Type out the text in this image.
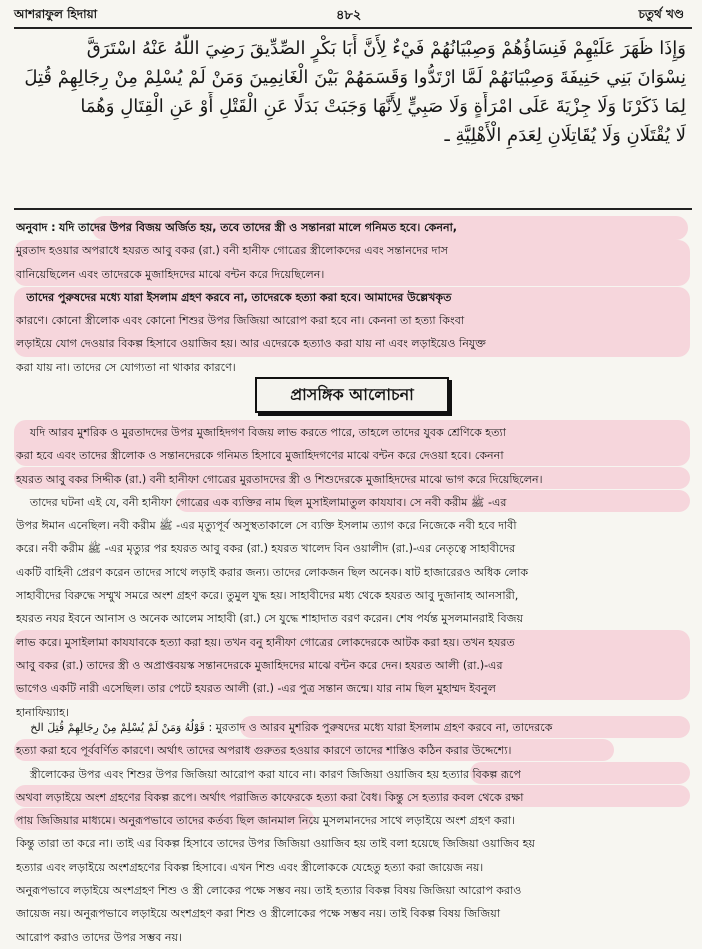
আশরাফুল হিদায়া	৪৮২	চতুর্থ খণ্ড
وَإِذَا ظَهَرَ عَلَيْهِمْ فَنِسَاؤُهُمْ وَصِبْيَانُهُمْ فَيْءٌ لِأَنَّ أَبَا بَكْرٍ الصِّدِّيقَ رَضِيَ اللّٰهُ عَنْهُ اسْتَرَقَّ
نِسْوَانَ بَنِي حَنِيفَةَ وَصِبْيَانَهُمْ لَمَّا ارْتَدُّوا وَقَسَمَهُمْ بَيْنَ الْغَانِمِينَ وَمَنْ لَمْ يُسْلِمْ مِنْ رِجَالِهِمْ قُتِلَ
لِمَا ذَكَرْنَا وَلَا جِزْيَةَ عَلَى امْرَأَةٍ وَلَا صَبِيٍّ لِأَنَّهَا وَجَبَتْ بَدَلًا عَنِ الْقَتْلِ أَوْ عَنِ الْقِتَالِ وَهُمَا
لَا يُقْتَلَانِ وَلَا يُقَاتِلَانِ لِعَدَمِ الْأَهْلِيَّةِ ـ
অনুবাদ : যদি তাদের উপর বিজয় অর্জিত হয়, তবে তাদের স্ত্রী ও সন্তানরা মালে গনিমত হবে। কেননা,
মুরতাদ হওয়ার অপরাধে হযরত আবু বকর (রা.) বনী হানীফ গোত্রের স্ত্রীলোকদের এবং সন্তানদের দাস
বানিয়েছিলেন এবং তাদেরকে মুজাহিদদের মাঝে বন্টন করে দিয়েছিলেন।
তাদের পুরুষদের মধ্যে যারা ইসলাম গ্রহণ করবে না, তাদেরকে হত্যা করা হবে। আমাদের উল্লেখকৃত
কারণে। কোনো স্ত্রীলোক এবং কোনো শিশুর উপর জিজিয়া আরোপ করা হবে না। কেননা তা হত্যা কিংবা
লড়াইয়ে যোগ দেওয়ার বিকল্প হিসাবে ওয়াজিব হয়। আর এদেরকে হত্যাও করা যায় না এবং লড়াইয়েও নিযুক্ত
করা যায় না। তাদের সে যোগ্যতা না থাকার কারণে।
প্রাসঙ্গিক আলোচনা
যদি আরব মুশরিক ও মুরতাদদের উপর মুজাহিদগণ বিজয় লাভ করতে পারে, তাহলে তাদের যুবক শ্রেণিকে হত্যা
করা হবে এবং তাদের স্ত্রীলোক ও সন্তানদেরকে গনিমত হিসাবে মুজাহিদগণের মাঝে বন্টন করে দেওয়া হবে। কেননা
হযরত আবু বকর সিদ্দীক (রা.) বনী হানীফা গোত্রের মুরতাদদের স্ত্রী ও শিশুদেরকে মুজাহিদদের মাঝে ভাগ করে দিয়েছিলেন।
তাদের ঘটনা এই যে, বনী হানীফা গোত্রের এক ব্যক্তির নাম ছিল মুসাইলামাতুল কাযযাব। সে নবী করীম ﷺ -এর
উপর ঈমান এনেছিল। নবী করীম ﷺ -এর মৃত্যুপূর্ব অসুস্থতাকালে সে ব্যক্তি ইসলাম ত্যাগ করে নিজেকে নবী হবে দাবী
করে। নবী করীম ﷺ -এর মৃত্যুর পর হযরত আবু বকর (রা.) হযরত খালেদ বিন ওয়ালীদ (রা.)-এর নেতৃত্বে সাহাবীদের
একটি বাহিনী প্রেরণ করেন তাদের সাথে লড়াই করার জন্য। তাদের লোকজন ছিল অনেক। ষাট হাজারেরও অধিক লোক
সাহাবীদের বিরুদ্ধে সম্মুখ সমরে অংশ গ্রহণ করে। তুমুল যুদ্ধ হয়। সাহাবীদের মধ্য থেকে হযরত আবু দুজানাহ আনসারী,
হযরত নযর ইবনে আনাস ও অনেক আলেম সাহাবী (রা.) সে যুদ্ধে শাহাদাত বরণ করেন। শেষ পর্যন্ত মুসলমানরাই বিজয়
লাভ করে। মুসাইলামা কাযযাবকে হত্যা করা হয়। তখন বনু হানীফা গোত্রের লোকদেরকে আটক করা হয়। তখন হযরত
আবু বকর (রা.) তাদের স্ত্রী ও অপ্রাপ্তবয়স্ক সন্তানদেরকে মুজাহিদদের মাঝে বন্টন করে দেন। হযরত আলী (রা.)-এর
ভাগেও একটি নারী এসেছিল। তার পেটে হযরত আলী (রা.) -এর পুত্র সন্তান জন্মে। যার নাম ছিল মুহাম্মদ ইবনুল
হানাফিয়্যাহ।
قَوْلُهُ وَمَنْ لَمْ يُسْلِمْ مِنْ رِجَالِهِمْ قُتِلَ الخ : মুরতাদ ও আরব মুশরিক পুরুষদের মধ্যে যারা ইসলাম গ্রহণ করবে না, তাদেরকে
হত্যা করা হবে পূর্ববর্ণিত কারণে। অর্থাৎ তাদের অপরাধ গুরুতর হওয়ার কারণে তাদের শাস্তিও কঠিন করার উদ্দেশ্যে।
স্ত্রীলোকের উপর এবং শিশুর উপর জিজিয়া আরোপ করা যাবে না। কারণ জিজিয়া ওয়াজিব হয় হত্যার বিকল্প রূপে
অথবা লড়াইয়ে অংশ গ্রহণের বিকল্প রূপে। অর্থাৎ পরাজিত কাফেরকে হত্যা করা বৈধ। কিন্তু সে হত্যার কবল থেকে রক্ষা
পায় জিজিয়ার মাধ্যমে। অনুরূপভাবে তাদের কর্তব্য ছিল জানমাল নিয়ে মুসলমানদের সাথে লড়াইয়ে অংশ গ্রহণ করা।
কিন্তু তারা তা করে না। তাই এর বিকল্প হিসাবে তাদের উপর জিজিয়া ওয়াজিব হয় তাই বলা হয়েছে জিজিয়া ওয়াজিব হয়
হত্যার এবং লড়াইয়ে অংশগ্রহণের বিকল্প হিসাবে। এখন শিশু এবং স্ত্রীলোককে যেহেতু হত্যা করা জায়েজ নয়।
অনুরূপভাবে লড়াইয়ে অংশগ্রহণ শিশু ও স্ত্রী লোকের পক্ষে সম্ভব নয়। তাই হত্যার বিকল্প বিষয় জিজিয়া আরোপ করাও
জায়েজ নয়। অনুরূপভাবে লড়াইয়ে অংশগ্রহণ করা শিশু ও স্ত্রীলোকের পক্ষে সম্ভব নয়। তাই বিকল্প বিষয় জিজিয়া
আরোপ করাও তাদের উপর সম্ভব নয়।
